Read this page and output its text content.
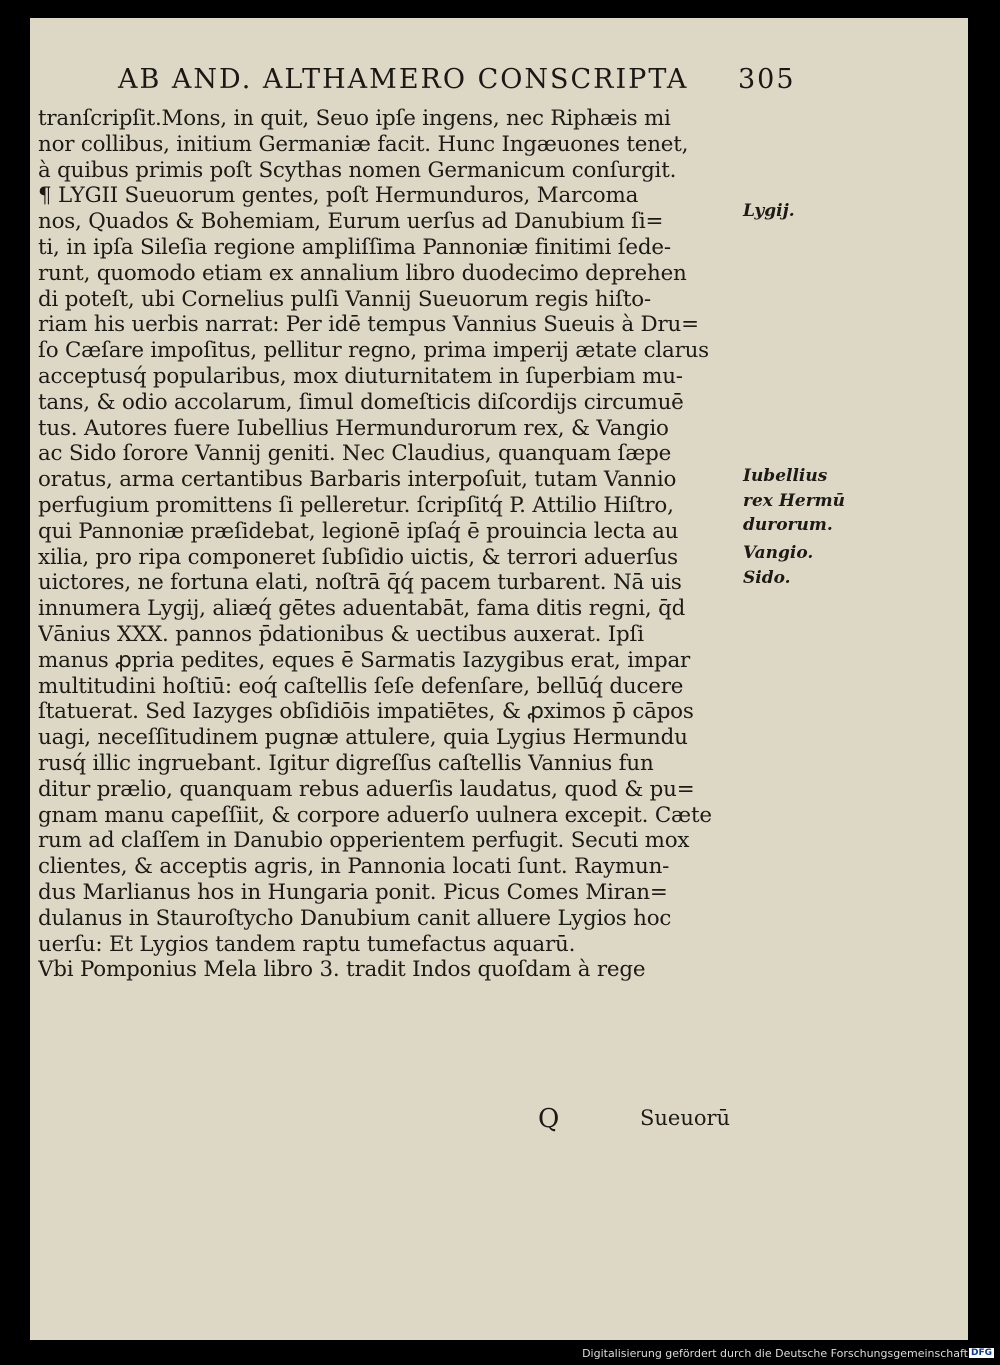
AB AND. ALTHAMERO CONSCRIPTA 305
tranſcripſit.Mons, in quit, Seuo ipſe ingens, nec Riphæis mi
nor collibus, initium Germaniæ facit. Hunc Ingæuones tenet,
à quibus primis poſt Scythas nomen Germanicum conſurgit.
¶ LYGII Sueuorum gentes, poſt Hermunduros, Marcoma
nos, Quados & Bohemiam, Eurum uerſus ad Danubium ſi=
ti, in ipſa Sileſia regione ampliſſima Pannoniæ finitimi ſede-
runt, quomodo etiam ex annalium libro duodecimo deprehen
di poteſt, ubi Cornelius pulſi Vannij Sueuorum regis hiſto-
riam his uerbis narrat: Per idē tempus Vannius Sueuis à Dru=
ſo Cæſare impoſitus, pellitur regno, prima imperij ætate clarus
acceptusq́ popularibus, mox diuturnitatem in ſuperbiam mu-
tans, & odio accolarum, ſimul domeſticis diſcordijs circumuē
tus. Autores fuere Iubellius Hermundurorum rex, & Vangio
ac Sido ſorore Vannij geniti. Nec Claudius, quanquam ſæpe
oratus, arma certantibus Barbaris interpoſuit, tutam Vannio
perfugium promittens ſi pelleretur. ſcripſitq́ P. Attilio Hiſtro,
qui Pannoniæ præſidebat, legionē ipſaq́ ē prouincia lecta au
xilia, pro ripa componeret ſubſidio uictis, & terrori aduerſus
uictores, ne fortuna elati, noſtrā q̄q́ pacem turbarent. Nā uis
innumera Lygij, aliæq́ gētes aduentabāt, fama ditis regni, q̄d
Vānius XXX. pannos p̄dationibus & uectibus auxerat. Ipſi
manus ꝓpria pedites, eques ē Sarmatis Iazygibus erat, impar
multitudini hoſtiū: eoq́ caſtellis ſeſe defenſare, bellūq́ ducere
ſtatuerat. Sed Iazyges obſidiōis impatiētes, & ꝓximos p̄ cāpos
uagi, neceſſitudinem pugnæ attulere, quia Lygius Hermundu
rusq́ illic ingruebant. Igitur digreſſus caſtellis Vannius fun
ditur prælio, quanquam rebus aduerſis laudatus, quod & pu=
gnam manu capeſſiit, & corpore aduerſo uulnera excepit. Cæte
rum ad claſſem in Danubio opperientem perfugit. Secuti mox
clientes, & acceptis agris, in Pannonia locati ſunt. Raymun-
dus Marlianus hos in Hungaria ponit. Picus Comes Miran=
dulanus in Stauroſtycho Danubium canit alluere Lygios hoc
uerſu: Et Lygios tandem raptu tumefactus aquarū.
Vbi Pomponius Mela libro 3. tradit Indos quoſdam à rege
Lygij.
Iubellius
rex Hermū
durorum.
Vangio.
Sido.
Q	Sueuorū
Digitalisierung gefördert durch die Deutsche Forschungsgemeinschaft DFG
